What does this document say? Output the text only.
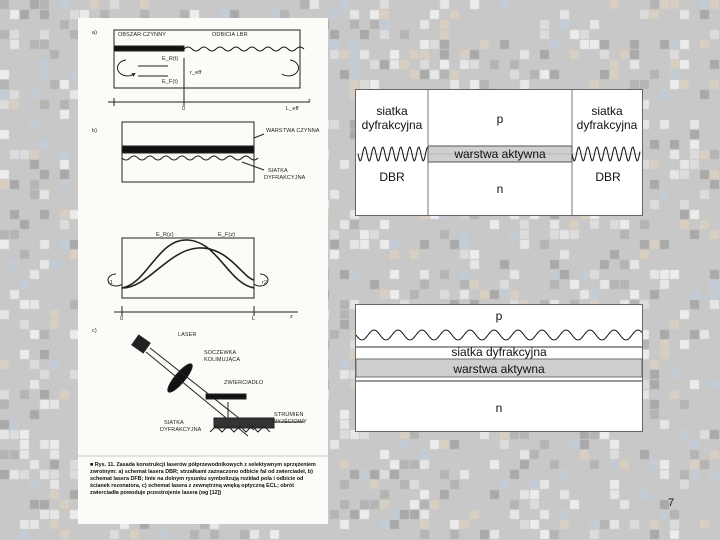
a)	OBSZAR CZYNNY	ODBICIA LBR
E_R(t)
E_F(t)
r_eff
0	L_eff
z
b)	WARSTWA CZYNNA
SIATKA
DYFRAKCYJNA
E_R(z)	E_F(z)
r1	r2
0	L	z
c)
LASER
SOCZEWKA
KOLIMUJĄCA
ZWIERCIADŁO
STRUMIEŃ
WYJŚCIOWY
SIATKA
DYFRAKCYJNA
■ Rys. 11. Zasada konstrukcji laserów półprzewodnikowych z selektywnym sprzężeniem zwrotnym: a) schemat lasera DBR; strzałkami zaznaczono odbicie fal od zwierciadeł, b) schemat lasera DFB; linie na dolnym rysunku symbolizują rozkład pola i odbicie od ścianek rezonatora, c) schemat lasera z zewnętrzną wnęką optyczną ECL; obrót zwierciadła powoduje przestrojenie lasera (wg [12])
siatka
dyfrakcyjna
siatka
dyfrakcyjna
p
warstwa aktywna
n
DBR	DBR
p
siatka dyfrakcyjna
warstwa aktywna
n
7
